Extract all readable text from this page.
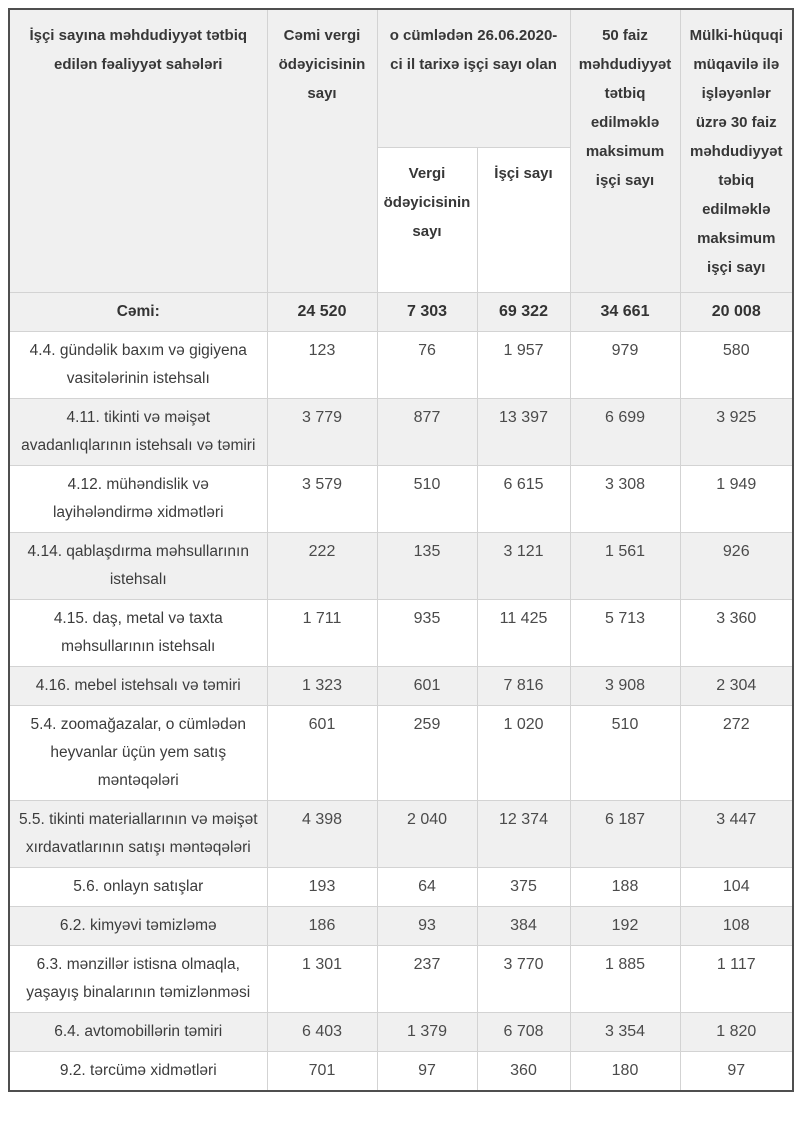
İşçi sayına məhdudiyyət tətbiq edilən fəaliyyət sahələri	Cəmi vergi ödəyicisinin sayı	o cümlədən 26.06.2020-ci il tarixə işçi sayı olan		50 faiz məhdudiyyət tətbiq edilməklə maksimum işçi sayı	Mülki-hüquqi müqavilə ilə işləyənlər üzrə 30 faiz məhdudiyyət təbiq edilməklə maksimum işçi sayı
		Vergi ödəyicisinin sayı	İşçi sayı		
Cəmi:	24 520	7 303	69 322	34 661	20 008
4.4. gündəlik baxım və gigiyena vasitələrinin istehsalı	123	76	1 957	979	580
4.11. tikinti və məişət avadanlıqlarının istehsalı və təmiri	3 779	877	13 397	6 699	3 925
4.12. mühəndislik və layihələndirmə xidmətləri	3 579	510	6 615	3 308	1 949
4.14. qablaşdırma məhsullarının istehsalı	222	135	3 121	1 561	926
4.15. daş, metal və taxta məhsullarının istehsalı	1 711	935	11 425	5 713	3 360
4.16. mebel istehsalı və təmiri	1 323	601	7 816	3 908	2 304
5.4. zoomağazalar, o cümlədən heyvanlar üçün yem satış məntəqələri	601	259	1 020	510	272
5.5. tikinti materiallarının və məişət xırdavatlarının satışı məntəqələri	4 398	2 040	12 374	6 187	3 447
5.6. onlayn satışlar	193	64	375	188	104
6.2. kimyəvi təmizləmə	186	93	384	192	108
6.3. mənzillər istisna olmaqla, yaşayış binalarının təmizlənməsi	1 301	237	3 770	1 885	1 117
6.4. avtomobillərin təmiri	6 403	1 379	6 708	3 354	1 820
9.2. tərcümə xidmətləri	701	97	360	180	97
